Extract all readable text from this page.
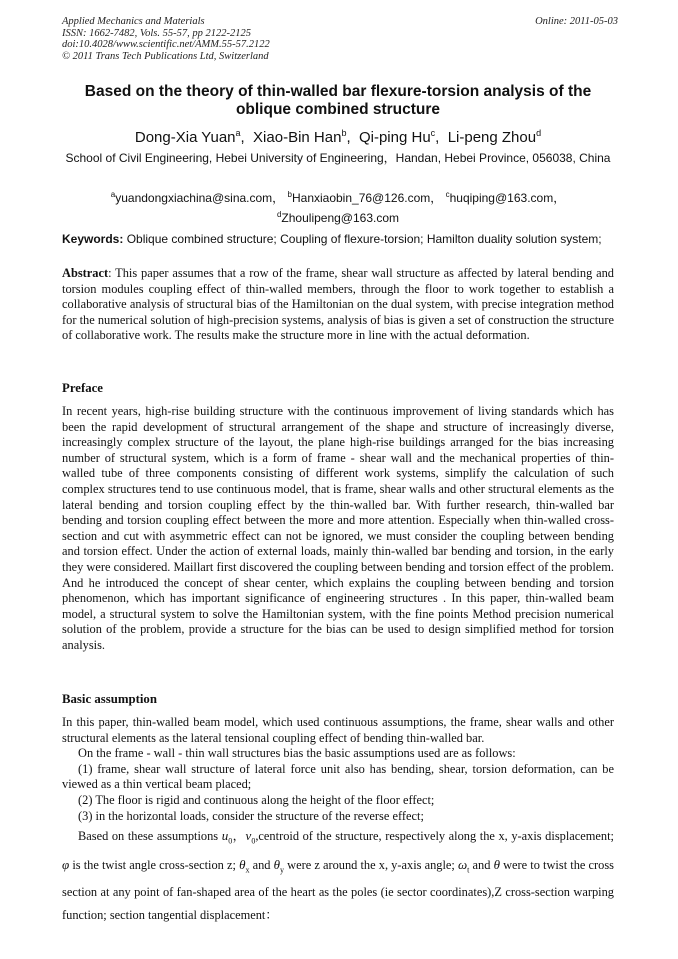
Applied Mechanics and Materials
ISSN: 1662-7482, Vols. 55-57, pp 2122-2125
doi:10.4028/www.scientific.net/AMM.55-57.2122
© 2011 Trans Tech Publications Ltd, Switzerland
Online: 2011-05-03
Based on the theory of thin-walled bar flexure-torsion analysis of the oblique combined structure
Dong-Xia Yuan$^a$,  Xiao-Bin Han$^b$,  Qi-ping Hu$^c$,  Li-peng Zhou$^d$
School of Civil Engineering, Hebei University of Engineering，Handan, Hebei Province, 056038, China
$^a$yuandongxiachina@sina.com， $^b$Hanxiaobin_76@126.com， $^c$huqiping@163.com，
$^d$Zhoulipeng@163.com
Keywords: Oblique combined structure; Coupling of flexure-torsion; Hamilton duality solution system;
Abstract: This paper assumes that a row of the frame, shear wall structure as affected by lateral bending and torsion modules coupling effect of thin-walled members, through the floor to work together to establish a collaborative analysis of structural bias of the Hamiltonian on the dual system, with precise integration method for the numerical solution of high-precision systems, analysis of bias is given a set of construction the structure of collaborative work. The results make the structure more in line with the actual deformation.
Preface
In recent years, high-rise building structure with the continuous improvement of living standards which has been the rapid development of structural arrangement of the shape and structure of increasingly diverse, increasingly complex structure of the layout, the plane high-rise buildings arranged for the bias increasing number of structural system, which is a form of frame - shear wall and the mechanical properties of thin-walled tube of three components consisting of different work systems, simplify the calculation of such complex structures tend to use continuous model, that is frame, shear walls and other structural elements as the lateral bending and torsion coupling effect by the thin-walled bar. With further research, thin-walled bar bending and torsion coupling effect between the more and more attention. Especially when thin-walled cross-section and cut with asymmetric effect can not be ignored, we must consider the coupling between bending and torsion effect. Under the action of external loads, mainly thin-walled bar bending and torsion, in the early they were considered. Maillart first discovered the coupling between bending and torsion effect of the problem. And he introduced the concept of shear center, which explains the coupling between bending and torsion phenomenon, which has important significance of engineering structures . In this paper, thin-walled beam model, a structural system to solve the Hamiltonian system, with the fine points Method precision numerical solution of the problem, provide a structure for the bias can be used to design simplified method for torsion analysis.
Basic assumption

In this paper, thin-walled beam model, which used continuous assumptions, the frame, shear walls and other structural elements as the lateral tensional coupling effect of bending thin-walled bar.

On the frame - wall - thin wall structures bias the basic assumptions used are as follows:

(1) frame, shear wall structure of lateral force unit also has bending, shear, torsion deformation, can be viewed as a thin vertical beam placed;

(2) The floor is rigid and continuous along the height of the floor effect;

(3) in the horizontal loads, consider the structure of the reverse effect;

Based on these assumptions $u_0$，$v_0,centroid$ of the structure, respectively along the x, y-axis displacement; φ is the twist angle cross-section z; $\theta_x$ and $\theta_y$ were z around the x, y-axis angle; $\omega_t$ and θ were to twist the cross section at any point of fan-shaped area of the heart as the poles (ie sector coordinates),Z cross-section warping function; section tangential displacement：
